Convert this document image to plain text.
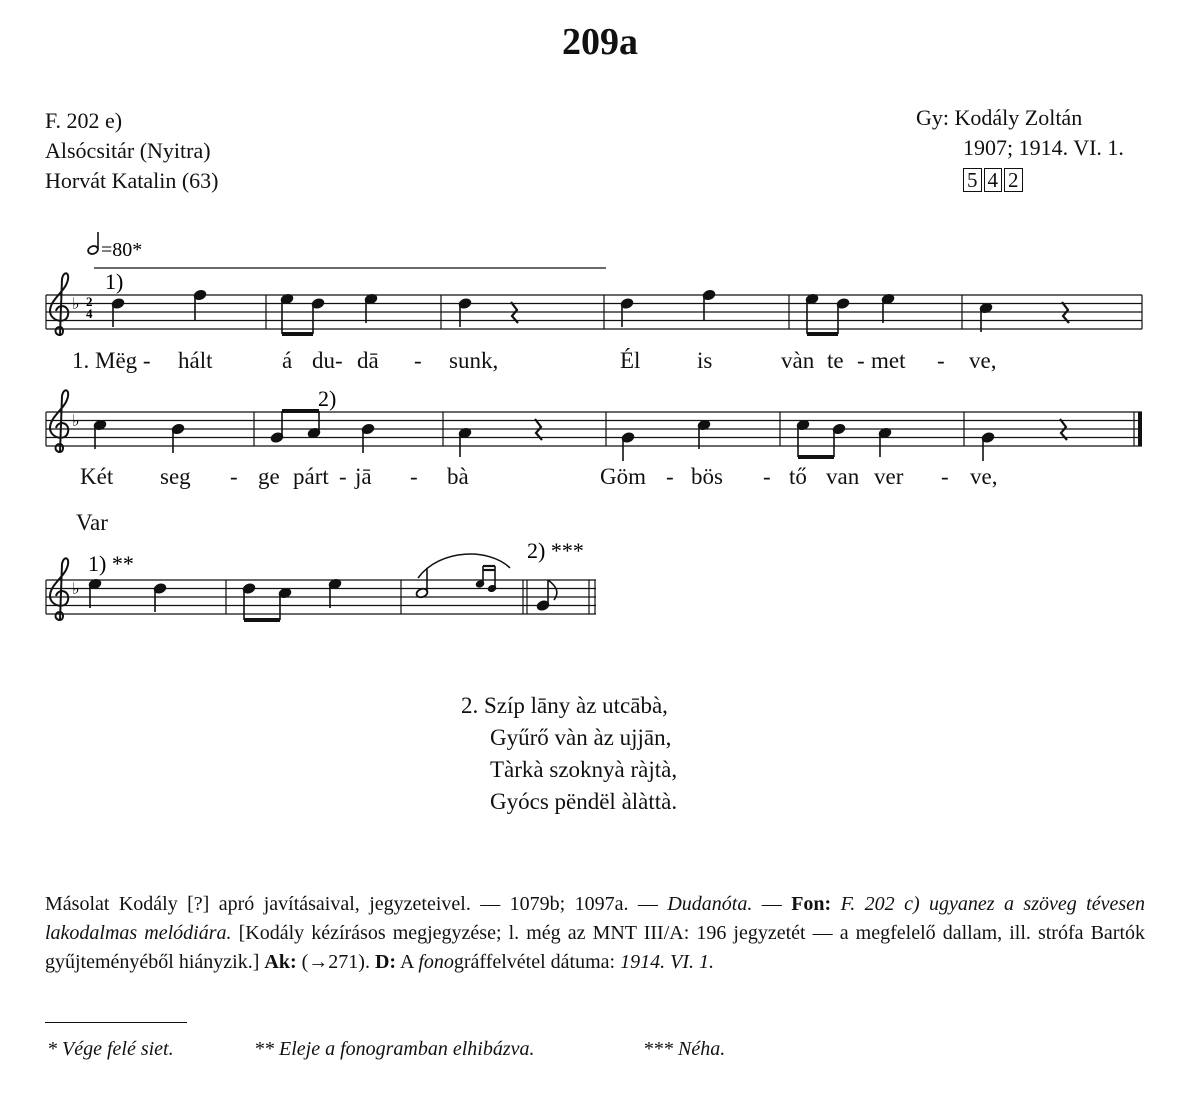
209a
F. 202 e)
Alsócsitár (Nyitra)
Horvát Katalin (63)
Gy: Kodály Zoltán
1907; 1914. VI. 1.
5 4 2
=80*
♭ 2
4
1)
♭
2)
♭
1) **
2) ***
1. Mëg - hált	á du- dā - sunk,	Él is	vàn te - met - ve,
Két seg - ge párt - jā - bà	Göm - bös - tő van ver - ve,
Var
2. Szíp lāny àz utcābà,
Gyűrő vàn àz ujjān,
Tàrkà szoknyà ràjtà,
Gyócs pëndël àlàttà.
Másolat Kodály [?] apró javításaival, jegyzeteivel. — 1079b; 1097a. — Dudanóta. — Fon: F. 202 c) ugyanez a szöveg tévesen lakodalmas melódiára. [Kodály kézírásos megjegyzése; l. még az MNT III/A: 196 jegyzetét — a megfelelő dallam, ill. strófa Bartók gyűjteményéből hiányzik.] Ak: (→271). D: A fonográffelvétel dátuma: 1914. VI. 1.
* Vége felé siet.	** Eleje a fonogramban elhibázva.	*** Néha.
